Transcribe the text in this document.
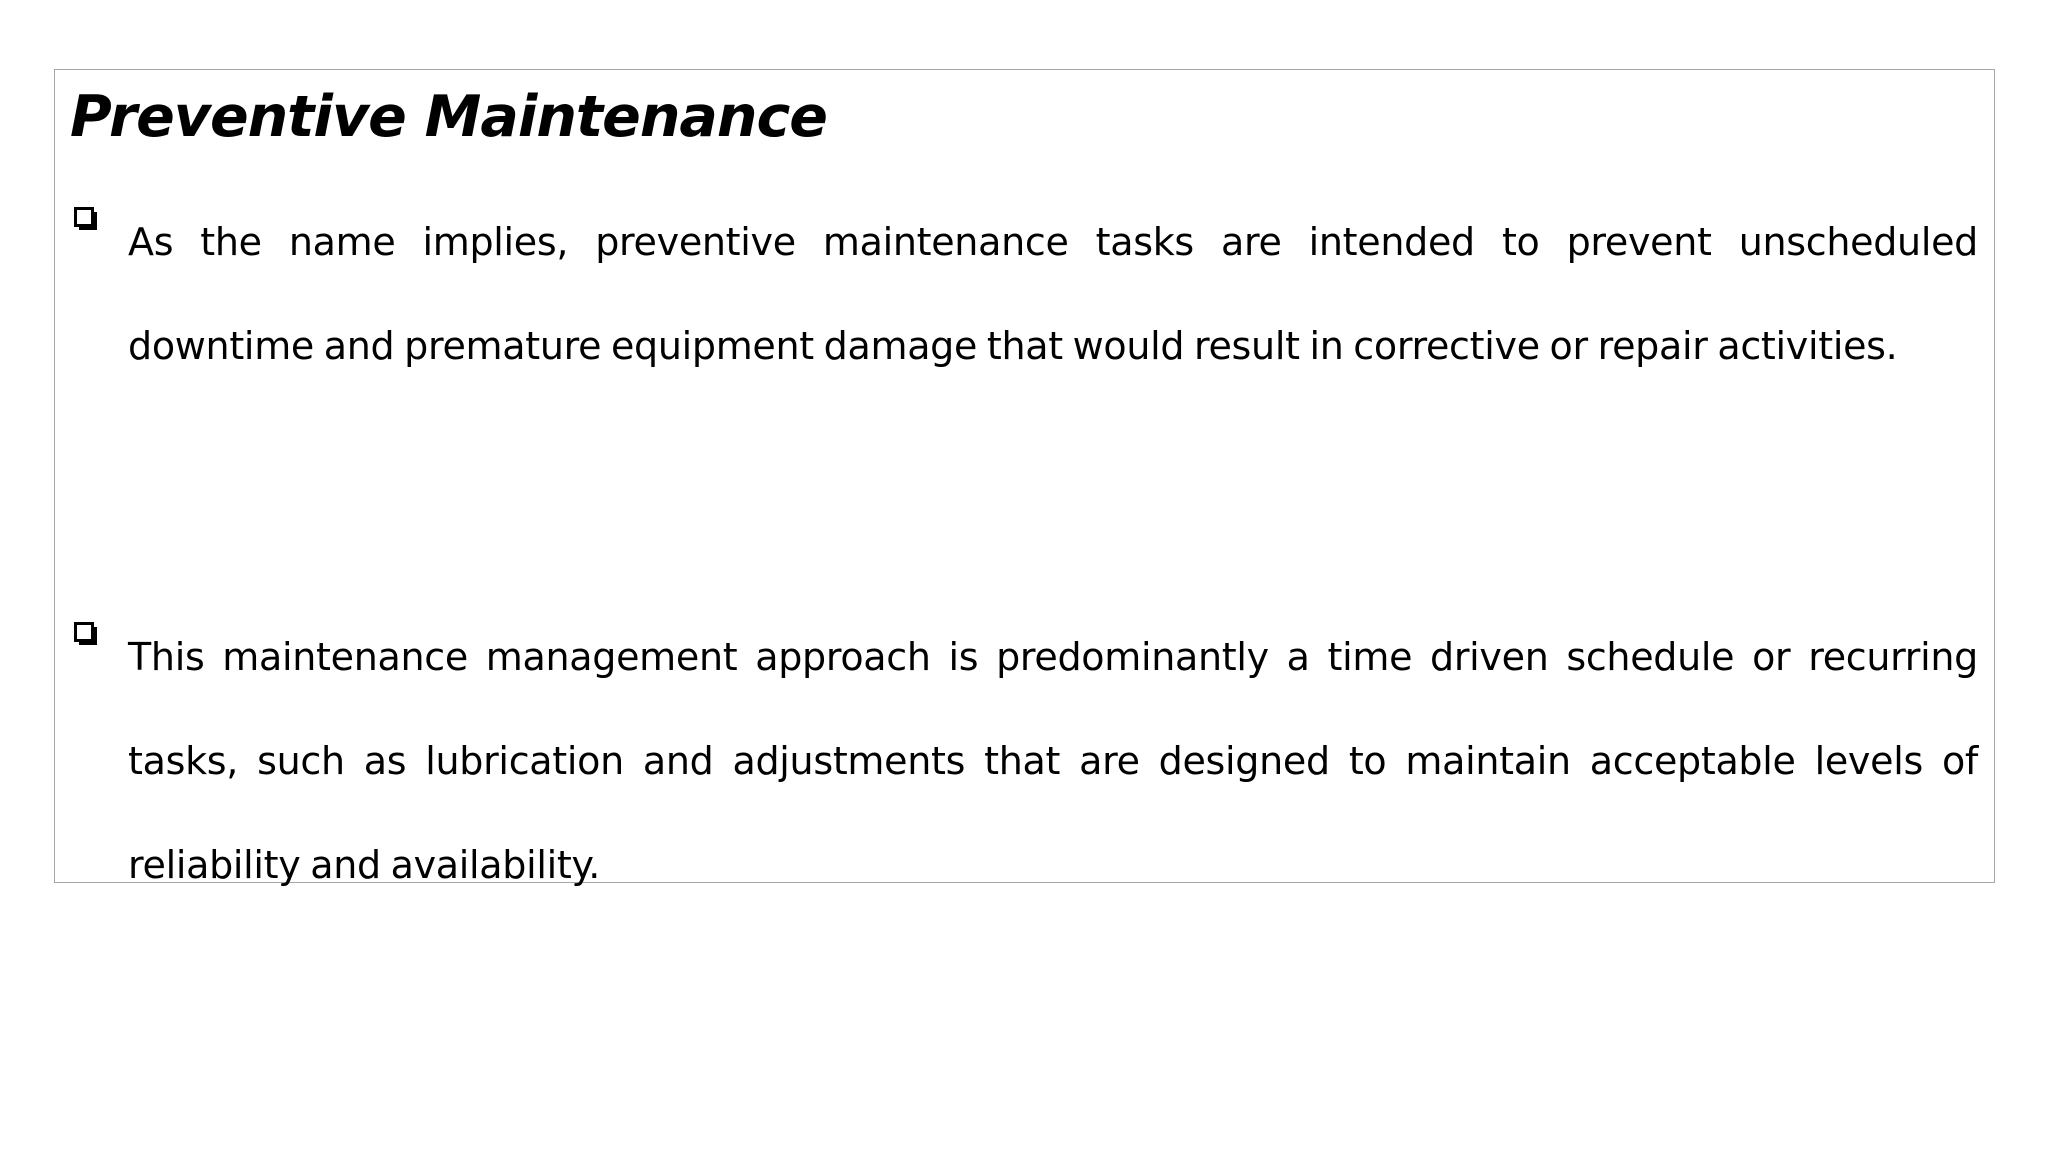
Preventive Maintenance

As the name implies, preventive maintenance tasks are intended to prevent unscheduled downtime and premature equipment damage that would result in corrective or repair activities.

This maintenance management approach is predominantly a time driven schedule or recurring tasks, such as lubrication and adjustments that are designed to maintain acceptable levels of reliability and availability.
